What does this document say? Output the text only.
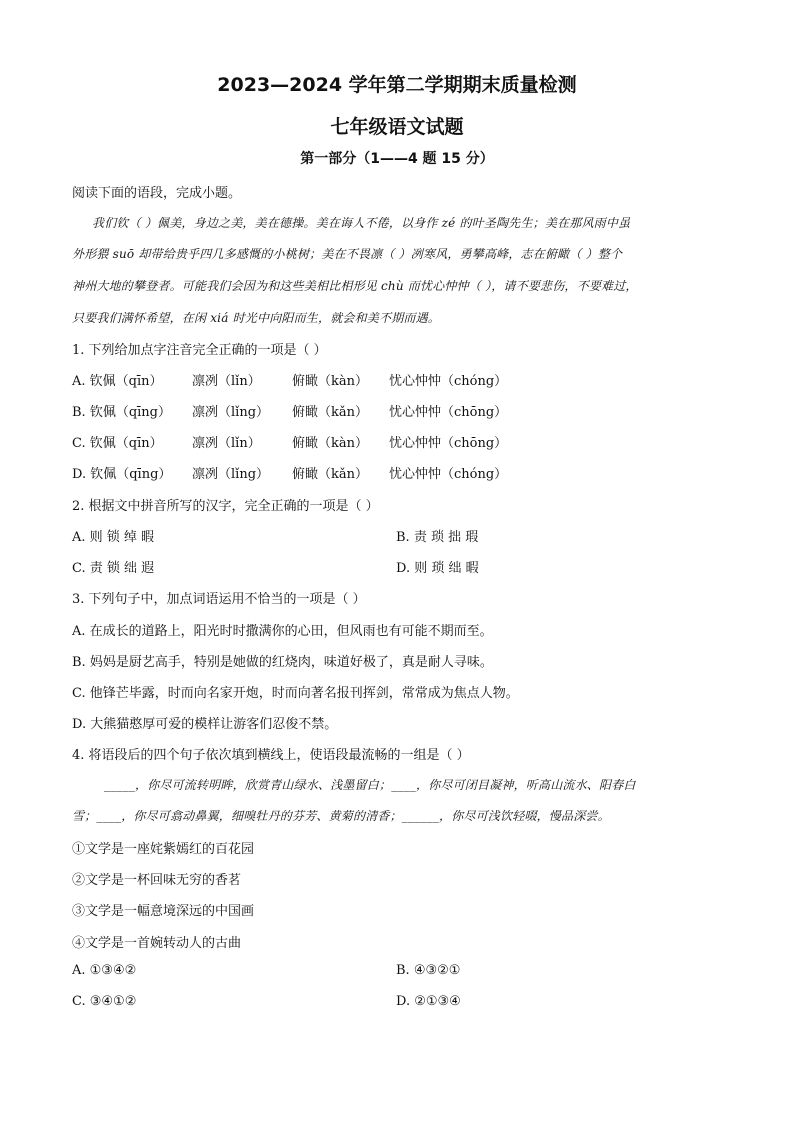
2023—2024 学年第二学期期末质量检测
七年级语文试题
第一部分（1——4 题 15 分）
阅读下面的语段，完成小题。
我们钦（ ）佩美，身边之美，美在德操。美在诲人不倦，以身作 zé 的叶圣陶先生；美在那风雨中虽
外形猥 suō 却带给贵乎四几多感慨的小桃树；美在不畏凛（ ）冽寒风，勇攀高峰，志在俯瞰（ ）整个
神州大地的攀登者。可能我们会因为和这些美相比相形见 chù 而忧心忡忡（ ），请不要悲伤，不要难过，
只要我们满怀希望，在闲 xiá 时光中向阳而生，就会和美不期而遇。
1. 下列给加点字注音完全正确的一项是（ ）
A. 钦佩（qīn） 凛冽（lǐn） 俯瞰（kàn） 忧心忡忡（chóng）
B. 钦佩（qīng） 凛冽（lǐng） 俯瞰（kǎn） 忧心忡忡（chōng）
C. 钦佩（qīn） 凛冽（lǐn） 俯瞰（kàn） 忧心忡忡（chōng）
D. 钦佩（qīng） 凛冽（lǐng） 俯瞰（kǎn） 忧心忡忡（chóng）
2. 根据文中拼音所写的汉字，完全正确的一项是（ ）
A. 则 锁 绰 暇	B. 责 琐 拙 瑕
C. 责 锁 绌 遐	D. 则 琐 绌 暇
3. 下列句子中，加点词语运用不恰当的一项是（ ）
A. 在成长的道路上，阳光时时撒满你的心田，但风雨也有可能不期而至。
B. 妈妈是厨艺高手，特别是她做的红烧肉，味道好极了，真是耐人寻味。
C. 他锋芒毕露，时而向名家开炮，时而向著名报刊挥剑，常常成为焦点人物。
D. 大熊猫憨厚可爱的模样让游客们忍俊不禁。
4. 将语段后的四个句子依次填到横线上，使语段最流畅的一组是（ ）
_____，你尽可流转明眸，欣赏青山绿水、浅墨留白；____，你尽可闭目凝神，听高山流水、阳春白
雪；____，你尽可翕动鼻翼，细嗅牡丹的芬芳、黄菊的清香；______，你尽可浅饮轻啜，慢品深尝。
①文学是一座姹紫嫣红的百花园
②文学是一杯回味无穷的香茗
③文学是一幅意境深远的中国画
④文学是一首婉转动人的古曲
A. ①③④②	B. ④③②①
C. ③④①②	D. ②①③④
